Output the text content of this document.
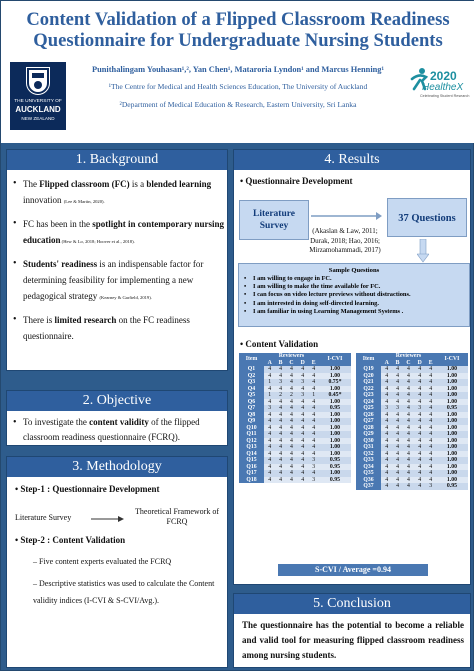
Content Validation of a Flipped Classroom Readiness
Questionnaire for Undergraduate Nursing Students
THE UNIVERSITY OF
AUCKLAND
NEW ZEALAND
Punithalingam Youhasan¹,², Yan Chen¹, Mataroria Lyndon¹ and Marcus Henning¹
¹The Centre for Medical and Health Sciences Education, The University of Auckland
²Department of Medical Education & Research, Eastern University, Sri Lanka
2020
HealtheX
Celebrating Student Research
1. Background
• The Flipped classroom (FC) is a blended learning innovation (Lee & Martin, 2020).
• FC has been in the spotlight in contemporary nursing education (Hew & Lo, 2018; Hoover et al., 2018).
• Students' readiness is an indispensable factor for determining feasibility for implementing a new pedagogical strategy (Kearney & Garfield, 2019).
• There is limited research on the FC readiness questionnaire.
2. Objective
• To investigate the content validity of the flipped classroom readiness questionnaire (FCRQ).
3. Methodology
• Step-1 : Questionnaire Development
Literature Survey
Theoretical Framework of FCRQ
• Step-2 : Content Validation
– Five content experts evaluated the FCRQ
– Descriptive statistics was used to calculate the Content validity indices (I-CVI & S-CVI/Avg.).
4. Results
• Questionnaire Development
Literature Survey
37 Questions
(Akaslan & Law, 2011; Durak, 2018; Hao, 2016; Mirzamohammadi, 2017)
Sample Questions
• I am willing to engage in FC.
• I am willing to make the time available for FC.
• I can focus on video lecture previews without distractions.
• I am interested in doing self-directed learning.
• I am familiar in using Learning Management Systems .
• Content Validation
Item	Reviewers					I-CVI
	A	B	C	D	E	
Q1	4	4	4	4	4	1.00
Q2	4	4	4	4	4	1.00
Q3	1	3	4	3	4	0.75*
Q4	4	4	4	4	4	1.00
Q5	1	2	2	3	1	0.45*
Q6	4	4	4	4	4	1.00
Q7	3	4	4	4	4	0.95
Q8	4	4	4	4	4	1.00
Q9	4	4	4	4	4	1.00
Q10	4	4	4	4	4	1.00
Q11	4	4	4	4	4	1.00
Q12	4	4	4	4	4	1.00
Q13	4	4	4	4	4	1.00
Q14	4	4	4	4	4	1.00
Q15	4	4	4	4	3	0.95
Q16	4	4	4	4	3	0.95
Q17	4	4	4	4	4	1.00
Q18	4	4	4	4	3	0.95
Item	Reviewers					I-CVI
	A	B	C	D	E	
Q19	4	4	4	4	4	1.00
Q20	4	4	4	4	4	1.00
Q21	4	4	4	4	4	1.00
Q22	4	4	4	4	4	1.00
Q23	4	4	4	4	4	1.00
Q24	4	4	4	4	4	1.00
Q25	3	3	4	3	4	0.95
Q26	4	4	4	4	4	1.00
Q27	4	4	4	4	4	1.00
Q28	4	4	4	4	4	1.00
Q29	4	4	4	4	4	1.00
Q30	4	4	4	4	4	1.00
Q31	4	4	4	4	4	1.00
Q32	4	4	4	4	4	1.00
Q33	4	4	4	4	4	1.00
Q34	4	4	4	4	4	1.00
Q35	4	4	4	4	4	1.00
Q36	4	4	4	4	4	1.00
Q37	4	4	4	4	3	0.95
S-CVI / Average =0.94
5. Conclusion
The questionnaire has the potential to become a reliable and valid tool for measuring flipped classroom readiness among nursing students.
